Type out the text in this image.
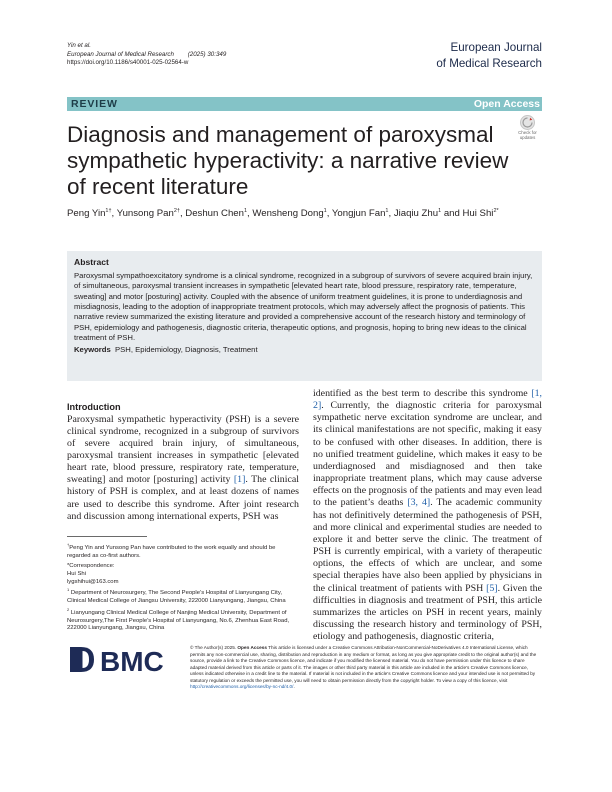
Yin et al.
European Journal of Medical Research (2025) 30:349
https://doi.org/10.1186/s40001-025-02564-w
European Journal
of Medical Research
REVIEW	Open Access
Check for
updates
Diagnosis and management of paroxysmal sympathetic hyperactivity: a narrative review of recent literature
Peng Yin$^{1\dagger}$, Yunsong Pan$^{2\dagger}$, Deshun Chen$^1$, Wensheng Dong$^1$, Yongjun Fan$^1$, Jiaqiu Zhu$^1$ and Hui Shi$^{2*}$
Abstract
Paroxysmal sympathoexcitatory syndrome is a clinical syndrome, recognized in a subgroup of survivors of severe acquired brain injury, of simultaneous, paroxysmal transient increases in sympathetic [elevated heart rate, blood pressure, respiratory rate, temperature, sweating] and motor [posturing] activity. Coupled with the absence of uniform treatment guidelines, it is prone to underdiagnosis and misdiagnosis, leading to the adoption of inappropriate treatment protocols, which may adversely affect the prognosis of patients. This narrative review summarized the existing literature and provided a comprehensive account of the research history and terminology of PSH, epidemiology and pathogenesis, diagnostic criteria, therapeutic options, and prognosis, hoping to bring new ideas to the clinical treatment of PSH.
Keywords PSH, Epidemiology, Diagnosis, Treatment
Introduction
Paroxysmal sympathetic hyperactivity (PSH) is a severe clinical syndrome, recognized in a subgroup of survivors of severe acquired brain injury, of simultaneous, paroxysmal transient increases in sympathetic [elevated heart rate, blood pressure, respiratory rate, temperature, sweating] and motor [posturing] activity [1]. The clinical history of PSH is complex, and at least dozens of names are used to describe this syndrome. After joint research and discussion among international experts, PSH was
identified as the best term to describe this syndrome [1, 2]. Currently, the diagnostic criteria for paroxysmal sympathetic nerve excitation syndrome are unclear, and its clinical manifestations are not specific, making it easy to be confused with other diseases. In addition, there is no unified treatment guideline, which makes it easy to be underdiagnosed and misdiagnosed and then take inappropriate treatment plans, which may cause adverse effects on the prognosis of the patients and may even lead to the patient’s deaths [3, 4]. The academic community has not definitively determined the pathogenesis of PSH, and more clinical and experimental studies are needed to explore it and better serve the clinic. The treatment of PSH is currently empirical, with a variety of therapeutic options, the effects of which are unclear, and some special therapies have also been applied by physicians in the clinical treatment of patients with PSH [5]. Given the difficulties in diagnosis and treatment of PSH, this article summarizes the articles on PSH in recent years, mainly discussing the research history and terminology of PSH, etiology and pathogenesis, diagnostic criteria,
†Peng Yin and Yunsong Pan have contributed to the work equally and should be regarded as co-first authors.
*Correspondence:
Hui Shi
lygshihui@163.com
$^1$ Department of Neurosurgery, The Second People’s Hospital of Lianyungang City, Clinical Medical College of Jiangsu University, 222000 Lianyungang, Jiangsu, China
$^2$ Lianyungang Clinical Medical College of Nanjing Medical University, Department of Neurosurgery,The First People’s Hospital of Lianyungang, No.6, Zhenhua East Road, 222000 Lianyungang, Jiangsu, China
BMC	© The Author(s) 2025. Open Access This article is licensed under a Creative Commons Attribution-NonCommercial-NoDerivatives 4.0 International License, which permits any non-commercial use, sharing, distribution and reproduction in any medium or format, as long as you give appropriate credit to the original author(s) and the source, provide a link to the Creative Commons licence, and indicate if you modified the licensed material. You do not have permission under this licence to share adapted material derived from this article or parts of it. The images or other third party material in this article are included in the article’s Creative Commons licence, unless indicated otherwise in a credit line to the material. If material is not included in the article’s Creative Commons licence and your intended use is not permitted by statutory regulation or exceeds the permitted use, you will need to obtain permission directly from the copyright holder. To view a copy of this licence, visit http://creativecommons.org/licenses/by-nc-nd/4.0/.
